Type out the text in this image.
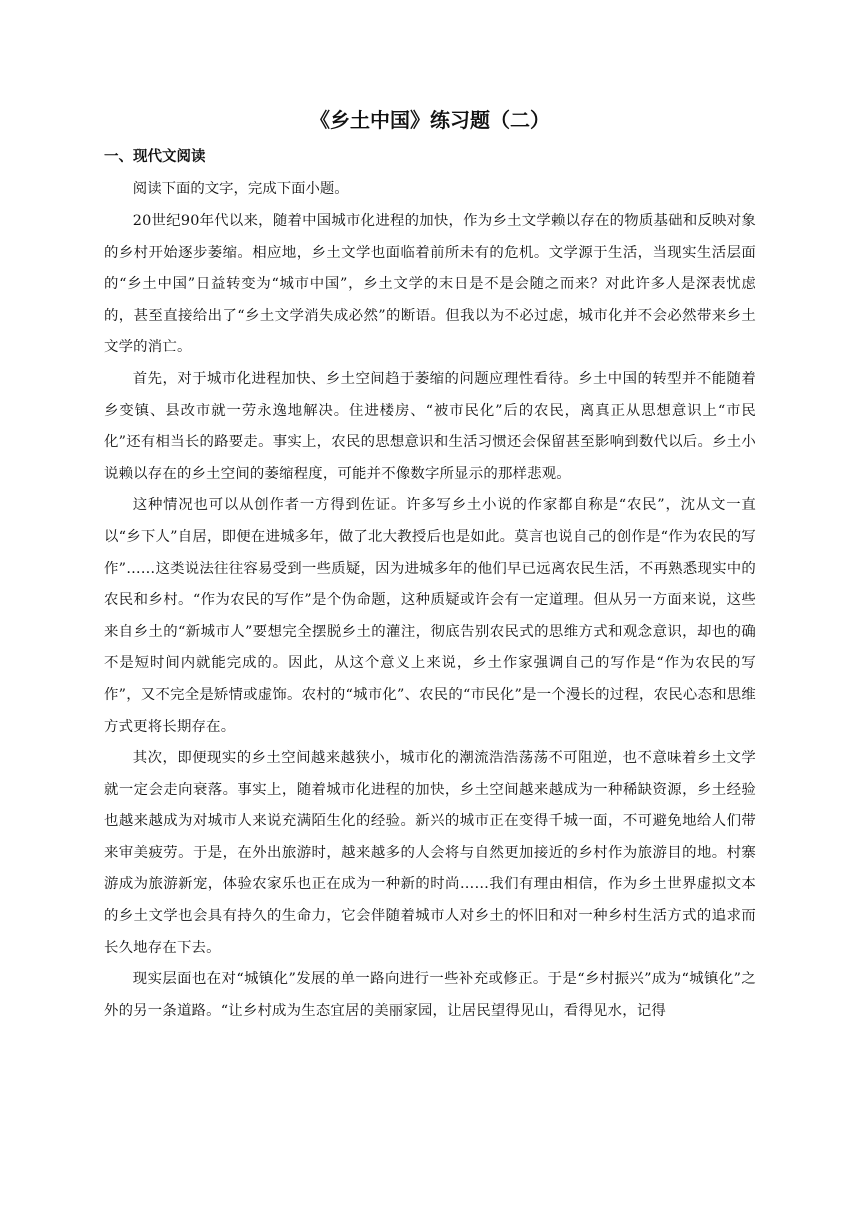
《乡土中国》练习题（二）

一、现代文阅读

阅读下面的文字，完成下面小题。

20世纪90年代以来，随着中国城市化进程的加快，作为乡土文学赖以存在的物质基础和反映对象的乡村开始逐步萎缩。相应地，乡土文学也面临着前所未有的危机。文学源于生活，当现实生活层面的“乡土中国”日益转变为“城市中国”，乡土文学的末日是不是会随之而来？对此许多人是深表忧虑的，甚至直接给出了“乡土文学消失成必然”的断语。但我以为不必过虑，城市化并不会必然带来乡土文学的消亡。

首先，对于城市化进程加快、乡土空间趋于萎缩的问题应理性看待。乡土中国的转型并不能随着乡变镇、县改市就一劳永逸地解决。住进楼房、“被市民化”后的农民，离真正从思想意识上“市民化”还有相当长的路要走。事实上，农民的思想意识和生活习惯还会保留甚至影响到数代以后。乡土小说赖以存在的乡土空间的萎缩程度，可能并不像数字所显示的那样悲观。

这种情况也可以从创作者一方得到佐证。许多写乡土小说的作家都自称是“农民”，沈从文一直以“乡下人”自居，即便在进城多年，做了北大教授后也是如此。莫言也说自己的创作是“作为农民的写作”……这类说法往往容易受到一些质疑，因为进城多年的他们早已远离农民生活，不再熟悉现实中的农民和乡村。“作为农民的写作”是个伪命题，这种质疑或许会有一定道理。但从另一方面来说，这些来自乡土的“新城市人”要想完全摆脱乡土的灌注，彻底告别农民式的思维方式和观念意识，却也的确不是短时间内就能完成的。因此，从这个意义上来说，乡土作家强调自己的写作是“作为农民的写作”，又不完全是矫情或虚饰。农村的“城市化”、农民的“市民化”是一个漫长的过程，农民心态和思维方式更将长期存在。

其次，即便现实的乡土空间越来越狭小，城市化的潮流浩浩荡荡不可阻逆，也不意味着乡土文学就一定会走向衰落。事实上，随着城市化进程的加快，乡土空间越来越成为一种稀缺资源，乡土经验也越来越成为对城市人来说充满陌生化的经验。新兴的城市正在变得千城一面，不可避免地给人们带来审美疲劳。于是，在外出旅游时，越来越多的人会将与自然更加接近的乡村作为旅游目的地。村寨游成为旅游新宠，体验农家乐也正在成为一种新的时尚……我们有理由相信，作为乡土世界虚拟文本的乡土文学也会具有持久的生命力，它会伴随着城市人对乡土的怀旧和对一种乡村生活方式的追求而长久地存在下去。

现实层面也在对“城镇化”发展的单一路向进行一些补充或修正。于是“乡村振兴”成为“城镇化”之外的另一条道路。“让乡村成为生态宜居的美丽家园，让居民望得见山，看得见水，记得
